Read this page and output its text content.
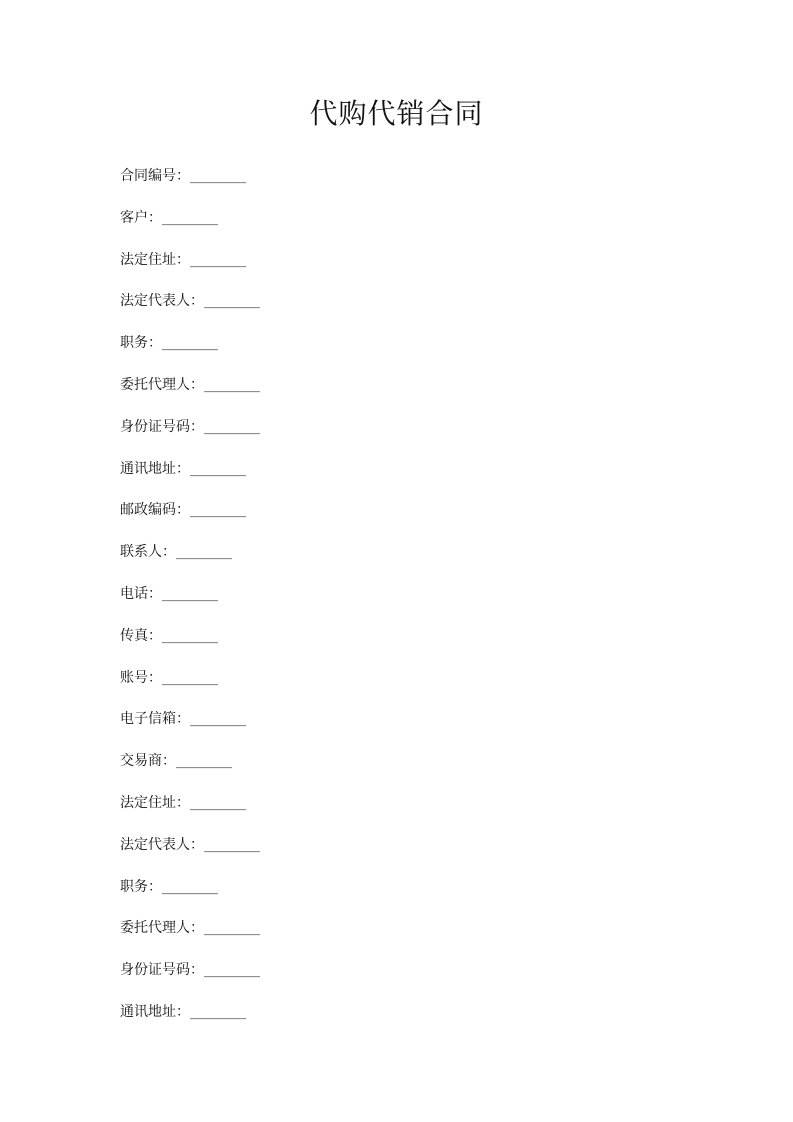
代购代销合同
合同编号：________
客户：________
法定住址：________
法定代表人：________
职务：________
委托代理人：________
身份证号码：________
通讯地址：________
邮政编码：________
联系人：________
电话：________
传真：________
账号：________
电子信箱：________
交易商：________
法定住址：________
法定代表人：________
职务：________
委托代理人：________
身份证号码：________
通讯地址：________
